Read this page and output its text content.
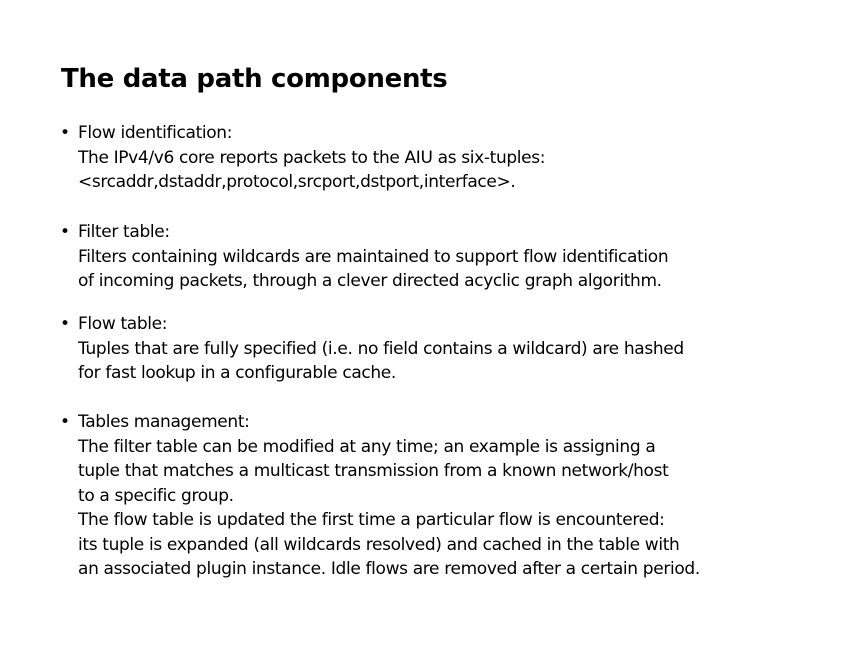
The data path components
• Flow identification:
The IPv4/v6 core reports packets to the AIU as six-tuples:
<srcaddr,dstaddr,protocol,srcport,dstport,interface>.
• Filter table:
Filters containing wildcards are maintained to support flow identification
of incoming packets, through a clever directed acyclic graph algorithm.
• Flow table:
Tuples that are fully specified (i.e. no field contains a wildcard) are hashed
for fast lookup in a configurable cache.
• Tables management:
The filter table can be modified at any time; an example is assigning a
tuple that matches a multicast transmission from a known network/host
to a specific group.
The flow table is updated the first time a particular flow is encountered:
its tuple is expanded (all wildcards resolved) and cached in the table with
an associated plugin instance. Idle flows are removed after a certain period.
